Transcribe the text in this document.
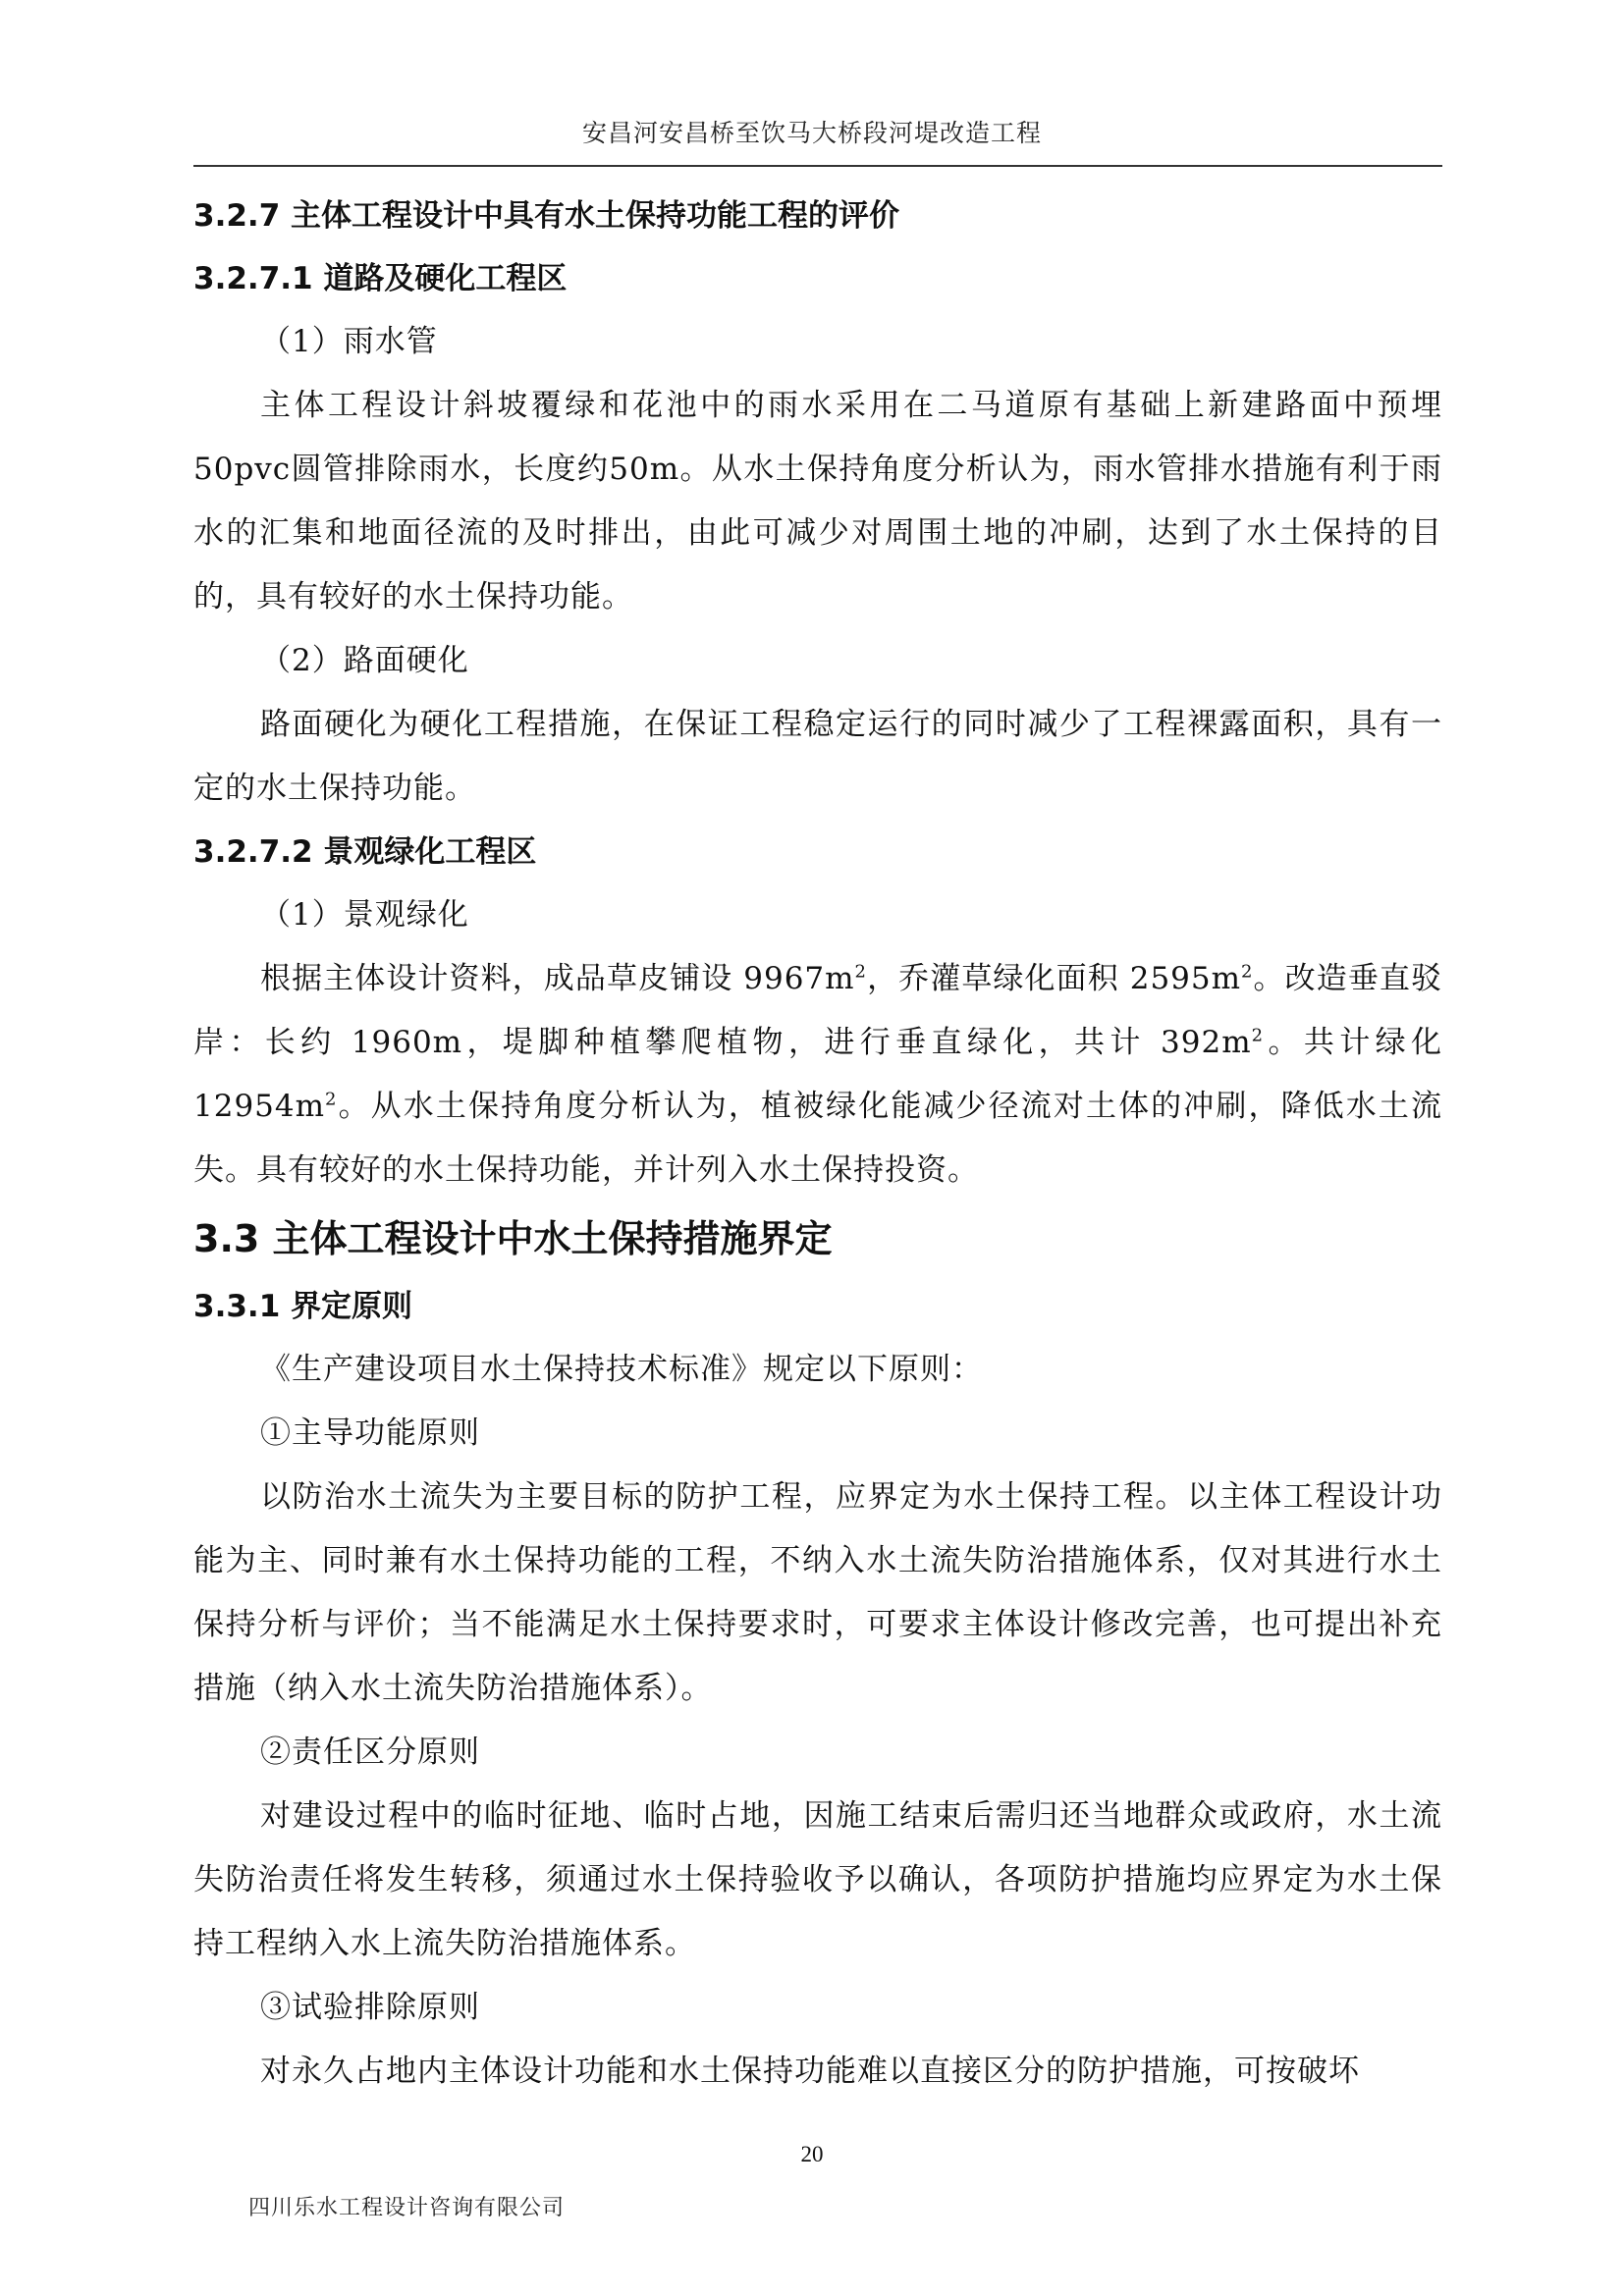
安昌河安昌桥至饮马大桥段河堤改造工程
3.2.7 主体工程设计中具有水土保持功能工程的评价
3.2.7.1 道路及硬化工程区
（1）雨水管

主体工程设计斜坡覆绿和花池中的雨水采用在二马道原有基础上新建路面中预埋50pvc圆管排除雨水，长度约50m。从水土保持角度分析认为，雨水管排水措施有利于雨水的汇集和地面径流的及时排出，由此可减少对周围土地的冲刷，达到了水土保持的目的，具有较好的水土保持功能。

（2）路面硬化

路面硬化为硬化工程措施，在保证工程稳定运行的同时减少了工程裸露面积，具有一定的水土保持功能。

3.2.7.2 景观绿化工程区
（1）景观绿化

根据主体设计资料，成品草皮铺设 $9967m^2$，乔灌草绿化面积 $2595m^2$。改造垂直驳岸：长约 1960m，堤脚种植攀爬植物，进行垂直绿化，共计 $392m^2$。共计绿化 $12954m^2$。从水土保持角度分析认为，植被绿化能减少径流对土体的冲刷，降低水土流失。具有较好的水土保持功能，并计列入水土保持投资。

3.3 主体工程设计中水土保持措施界定
3.3.1 界定原则
《生产建设项目水土保持技术标准》规定以下原则：
①主导功能原则

以防治水土流失为主要目标的防护工程，应界定为水土保持工程。以主体工程设计功能为主、同时兼有水土保持功能的工程，不纳入水土流失防治措施体系，仅对其进行水土保持分析与评价；当不能满足水土保持要求时，可要求主体设计修改完善，也可提出补充措施（纳入水土流失防治措施体系）。

②责任区分原则

对建设过程中的临时征地、临时占地，因施工结束后需归还当地群众或政府，水土流失防治责任将发生转移，须通过水土保持验收予以确认，各项防护措施均应界定为水土保持工程纳入水上流失防治措施体系。

③试验排除原则

对永久占地内主体设计功能和水土保持功能难以直接区分的防护措施，可按破坏

20
四川乐水工程设计咨询有限公司
